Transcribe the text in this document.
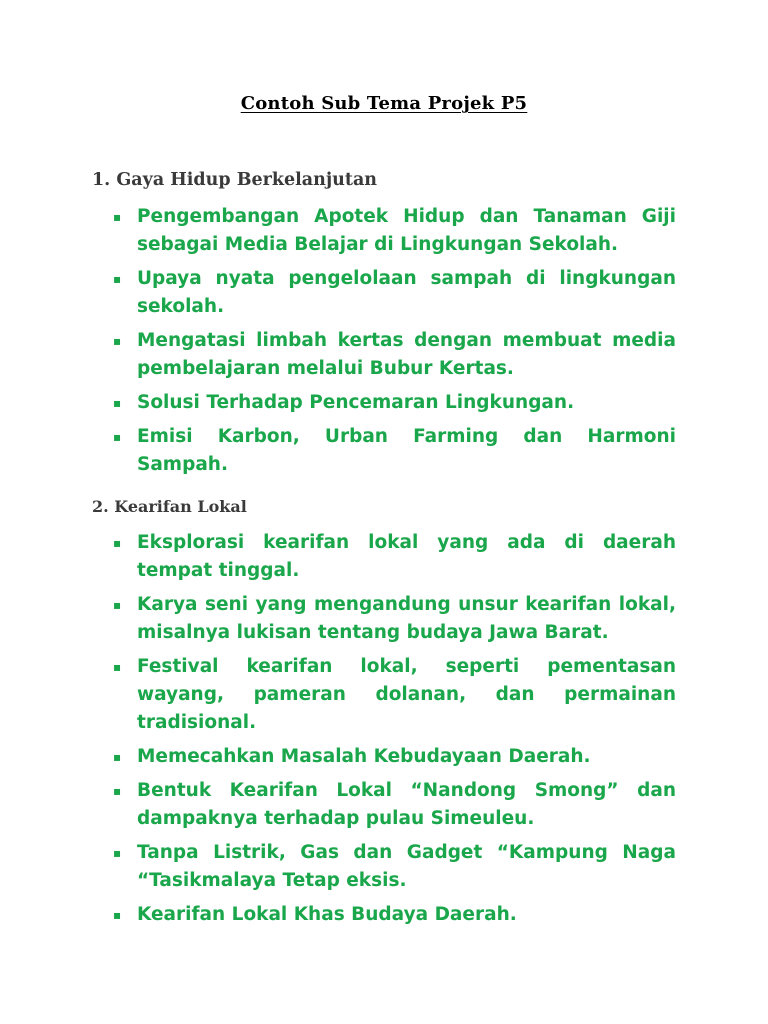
Contoh Sub Tema Projek P5
1. Gaya Hidup Berkelanjutan
▪ Pengembangan Apotek Hidup dan Tanaman Giji sebagai Media Belajar di Lingkungan Sekolah.
▪ Upaya nyata pengelolaan sampah di lingkungan sekolah.
▪ Mengatasi limbah kertas dengan membuat media pembelajaran melalui Bubur Kertas.
▪ Solusi Terhadap Pencemaran Lingkungan.
▪ Emisi Karbon, Urban Farming dan Harmoni Sampah.
2. Kearifan Lokal
▪ Eksplorasi kearifan lokal yang ada di daerah tempat tinggal.
▪ Karya seni yang mengandung unsur kearifan lokal, misalnya lukisan tentang budaya Jawa Barat.
▪ Festival kearifan lokal, seperti pementasan wayang, pameran dolanan, dan permainan tradisional.
▪ Memecahkan Masalah Kebudayaan Daerah.
▪ Bentuk Kearifan Lokal “Nandong Smong” dan dampaknya terhadap pulau Simeuleu.
▪ Tanpa Listrik, Gas dan Gadget “Kampung Naga “Tasikmalaya Tetap eksis.
▪ Kearifan Lokal Khas Budaya Daerah.
